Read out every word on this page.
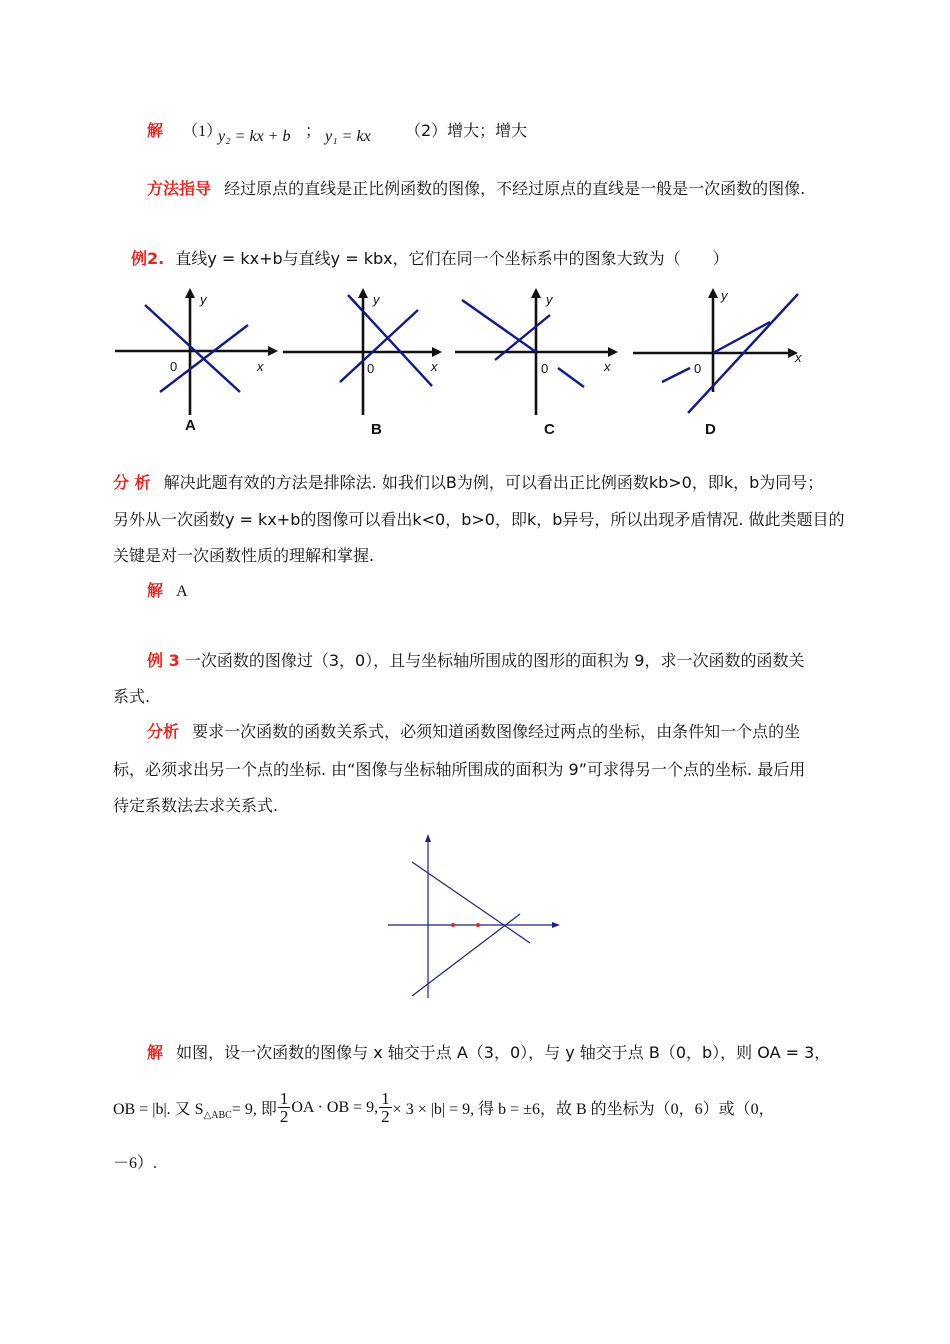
解 （1）
y₂ = kx + b ； y₁ = kx （2）增大；增大
方法指导 经过原点的直线是正比例函数的图像，不经过原点的直线是一般是一次函数的图像.
例2. 直线y = kx+b与直线y = kbx，它们在同一个坐标系中的图象大致为（　　）
y
0	x
A
y
0	x
B
y
0	x
C
y
0
x
D
分 析 解决此题有效的方法是排除法. 如我们以B为例，可以看出正比例函数kb>0，即k，b为同号；
另外从一次函数y = kx+b的图像可以看出k<0，b>0，即k，b异号，所以出现矛盾情况. 做此类题目的
关键是对一次函数性质的理解和掌握.
解 A
例 3 一次函数的图像过（3，0），且与坐标轴所围成的图形的面积为 9，求一次函数的函数关
系式.
分析 要求一次函数的函数关系式，必须知道函数图像经过两点的坐标，由条件知一个点的坐
标，必须求出另一个点的坐标. 由“图像与坐标轴所围成的面积为 9”可求得另一个点的坐标. 最后用
待定系数法去求关系式.
解 如图，设一次函数的图像与 x 轴交于点 A（3，0），与 y 轴交于点 B（0，b），则 OA = 3，
OB = |b|. 又 S △ABC = 9, 即 $\frac{1}{2}$ OA · OB = 9, $\frac{1}{2} \times 3 \times |b| = 9$, 得 b = ±6，故 B 的坐标为（0，6）或（0，
－6）.
